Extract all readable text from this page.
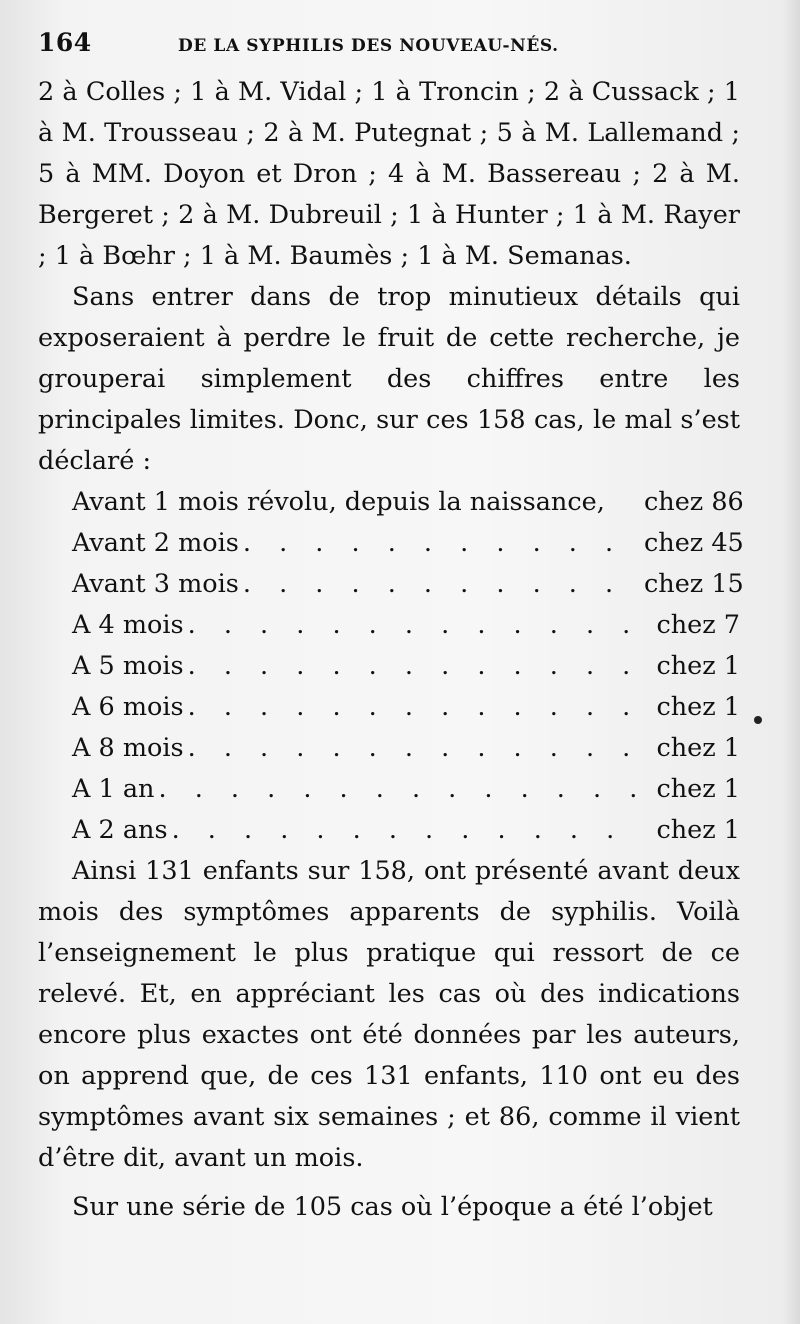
164	DE LA SYPHILIS DES NOUVEAU-NÉS.

2 à Colles ; 1 à M. Vidal ; 1 à Troncin ; 2 à Cussack ; 1 à M. Trousseau ; 2 à M. Putegnat ; 5 à M. Lallemand ; 5 à MM. Doyon et Dron ; 4 à M. Bassereau ; 2 à M. Bergeret ; 2 à M. Dubreuil ; 1 à Hunter ; 1 à M. Rayer ; 1 à Bœhr ; 1 à M. Baumès ; 1 à M. Semanas.

Sans entrer dans de trop minutieux détails qui exposeraient à perdre le fruit de cette recherche, je grouperai simplement des chiffres entre les principales limites. Donc, sur ces 158 cas, le mal s’est déclaré :

Avant 1 mois révolu, depuis la naissance,	chez 86
Avant 2 mois . . .	chez 45
Avant 3 mois . . .	chez 15
A 4 mois . . .	chez 7
A 5 mois . . .	chez 1
A 6 mois . . .	chez 1
A 8 mois . . .	chez 1
A 1 an . . .	chez 1
A 2 ans . . .	chez 1

Ainsi 131 enfants sur 158, ont présenté avant deux mois des symptômes apparents de syphilis. Voilà l’enseignement le plus pratique qui ressort de ce relevé. Et, en appréciant les cas où des indications encore plus exactes ont été données par les auteurs, on apprend que, de ces 131 enfants, 110 ont eu des symptômes avant six semaines ; et 86, comme il vient d’être dit, avant un mois.

Sur une série de 105 cas où l’époque a été l’objet
